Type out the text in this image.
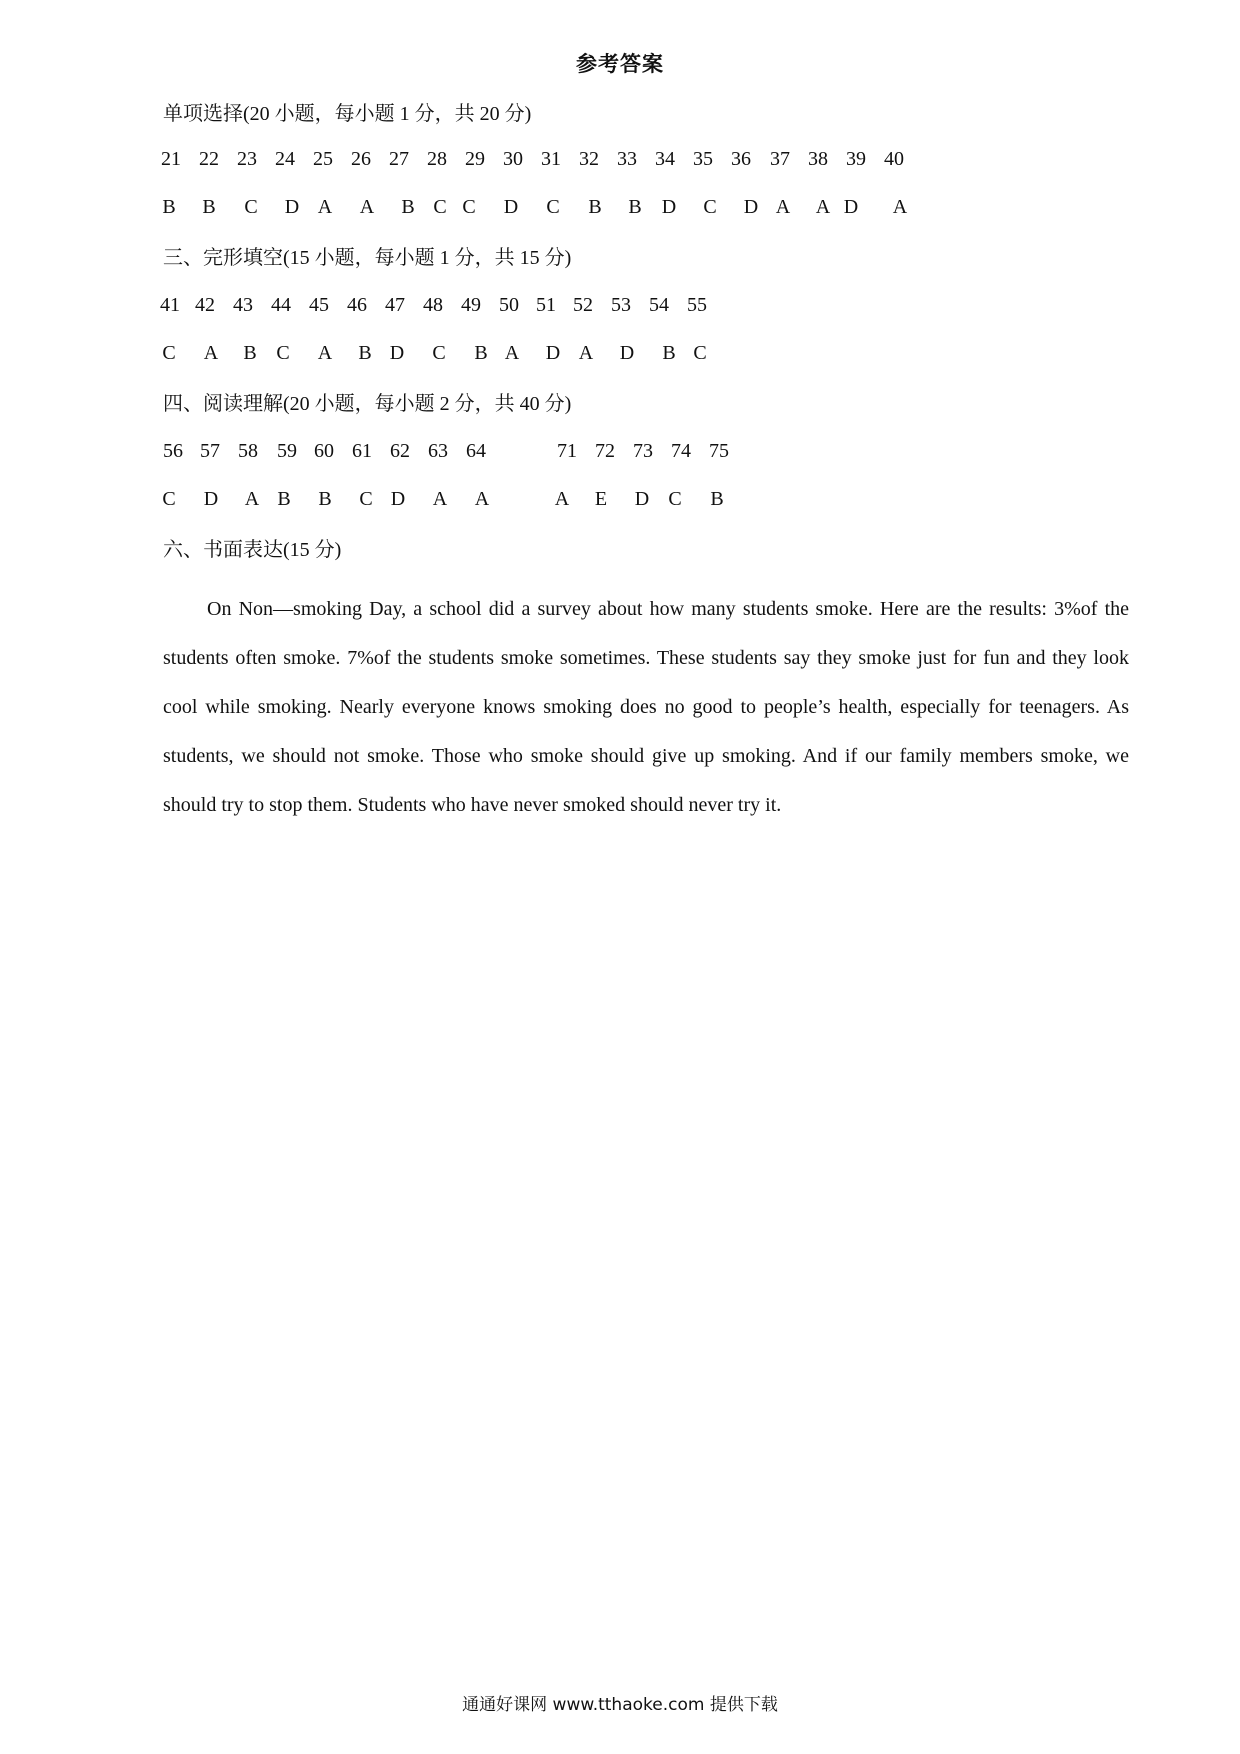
参考答案
单项选择(20 小题，每小题 1 分，共 20 分)
21 22 23 24 25 26 27 28 29 30 31 32 33 34 35 36 37 38 39 40
B	B	C	D A	A	B C C	D	C	B	B	D	C	D A	A D	A
三、完形填空(15 小题，每小题 1 分，共 15 分)
41 42 43 44 45 46 47 48 49 50 51 52 53 54 55
C	A	B C	A	B D	C	B A	D A	D	B C
四、阅读理解(20 小题，每小题 2 分，共 40 分)
56 57 58 59 60 61 62 63 64	71 72 73 74 75
C	D	A B	B	C D	A	A	A	E	D C	B
六、书面表达(15 分)
On Non—smoking Day, a school did a survey about how many students smoke. Here are the results: 3%of the students often smoke. 7%of the students smoke sometimes. These students say they smoke just for fun and they look cool while smoking. Nearly everyone knows smoking does no good to people’s health, especially for teenagers. As students, we should not smoke. Those who smoke should give up smoking. And if our family members smoke, we should try to stop them. Students who have never smoked should never try it.
通通好课网 www.tthaoke.com 提供下载
